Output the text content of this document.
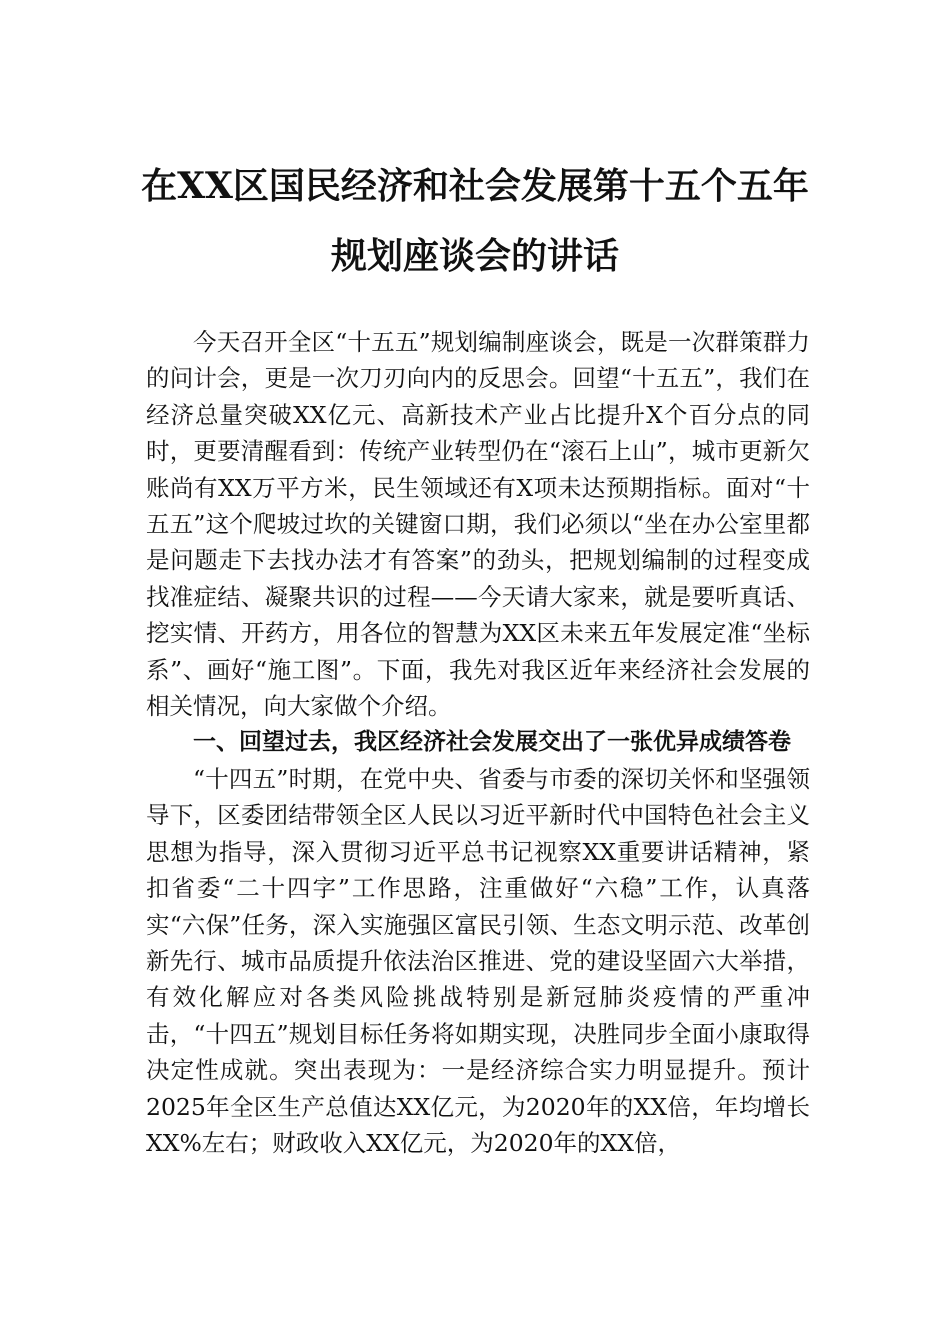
在XX区国民经济和社会发展第十五个五年
规划座谈会的讲话

今天召开全区“十五五”规划编制座谈会，既是一次群策群力的问计会，更是一次刀刃向内的反思会。回望“十五五”，我们在经济总量突破XX亿元、高新技术产业占比提升X个百分点的同时，更要清醒看到：传统产业转型仍在“滚石上山”，城市更新欠账尚有XX万平方米，民生领域还有X项未达预期指标。面对“十五五”这个爬坡过坎的关键窗口期，我们必须以“坐在办公室里都是问题走下去找办法才有答案”的劲头，把规划编制的过程变成找准症结、凝聚共识的过程——今天请大家来，就是要听真话、挖实情、开药方，用各位的智慧为XX区未来五年发展定准“坐标系”、画好“施工图”。下面，我先对我区近年来经济社会发展的相关情况，向大家做个介绍。

一、回望过去，我区经济社会发展交出了一张优异成绩答卷

“十四五”时期，在党中央、省委与市委的深切关怀和坚强领导下，区委团结带领全区人民以习近平新时代中国特色社会主义思想为指导，深入贯彻习近平总书记视察XX重要讲话精神，紧扣省委“二十四字”工作思路，注重做好“六稳”工作，认真落实“六保”任务，深入实施强区富民引领、生态文明示范、改革创新先行、城市品质提升依法治区推进、党的建设坚固六大举措，有效化解应对各类风险挑战特别是新冠肺炎疫情的严重冲击，“十四五”规划目标任务将如期实现，决胜同步全面小康取得决定性成就。突出表现为：一是经济综合实力明显提升。预计2025年全区生产总值达XX亿元，为2020年的XX倍，年均增长XX%左右；财政收入XX亿元，为2020年的XX倍，
